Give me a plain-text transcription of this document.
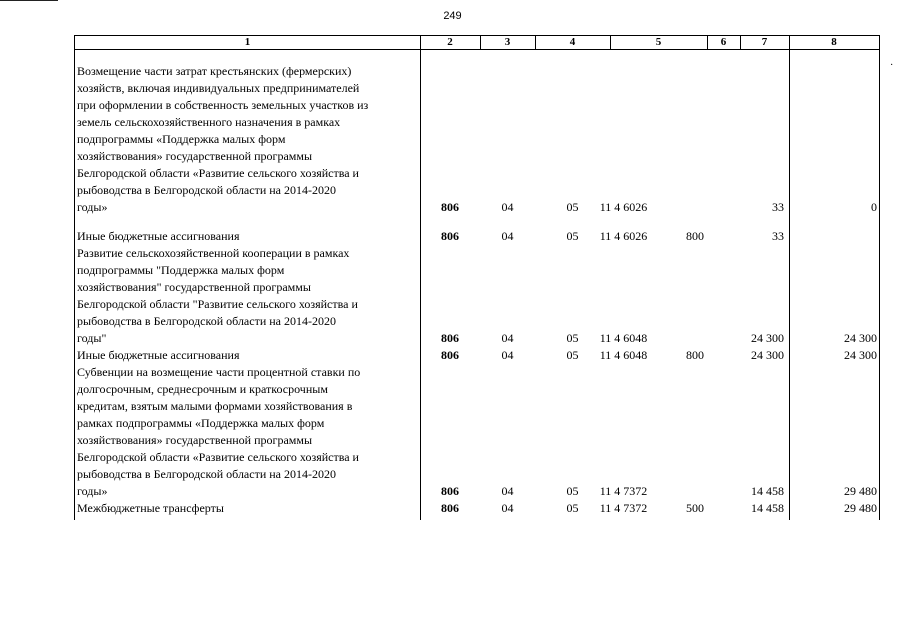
249
·
1	2	3	4	5	6	7	8
Возмещение части затрат крестьянских (фермерских)
хозяйств, включая индивидуальных предпринимателей
при оформлении в собственность земельных участков из
земель сельскохозяйственного назначения в рамках
подпрограммы «Поддержка малых форм
хозяйствования» государственной программы
Белгородской области «Развитие сельского хозяйства и
рыбоводства в Белгородской области на 2014-2020
годы»	806	04	05	11 4 6026	33	0
Иные бюджетные ассигнования	806	04	05	11 4 6026	800	33
Развитие сельскохозяйственной кооперации в рамках
подпрограммы "Поддержка малых форм
хозяйствования" государственной программы
Белгородской области "Развитие сельского хозяйства и
рыбоводства в Белгородской области на 2014-2020
годы"	806	04	05	11 4 6048	24 300	24 300
Иные бюджетные ассигнования	806	04	05	11 4 6048	800	24 300	24 300
Субвенции на возмещение части процентной ставки по
долгосрочным, среднесрочным и краткосрочным
кредитам, взятым малыми формами хозяйствования в
рамках подпрограммы «Поддержка малых форм
хозяйствования» государственной программы
Белгородской области «Развитие сельского хозяйства и
рыбоводства в Белгородской области на 2014-2020
годы»	806	04	05	11 4 7372	14 458	29 480
Межбюджетные трансферты	806	04	05	11 4 7372	500	14 458	29 480
